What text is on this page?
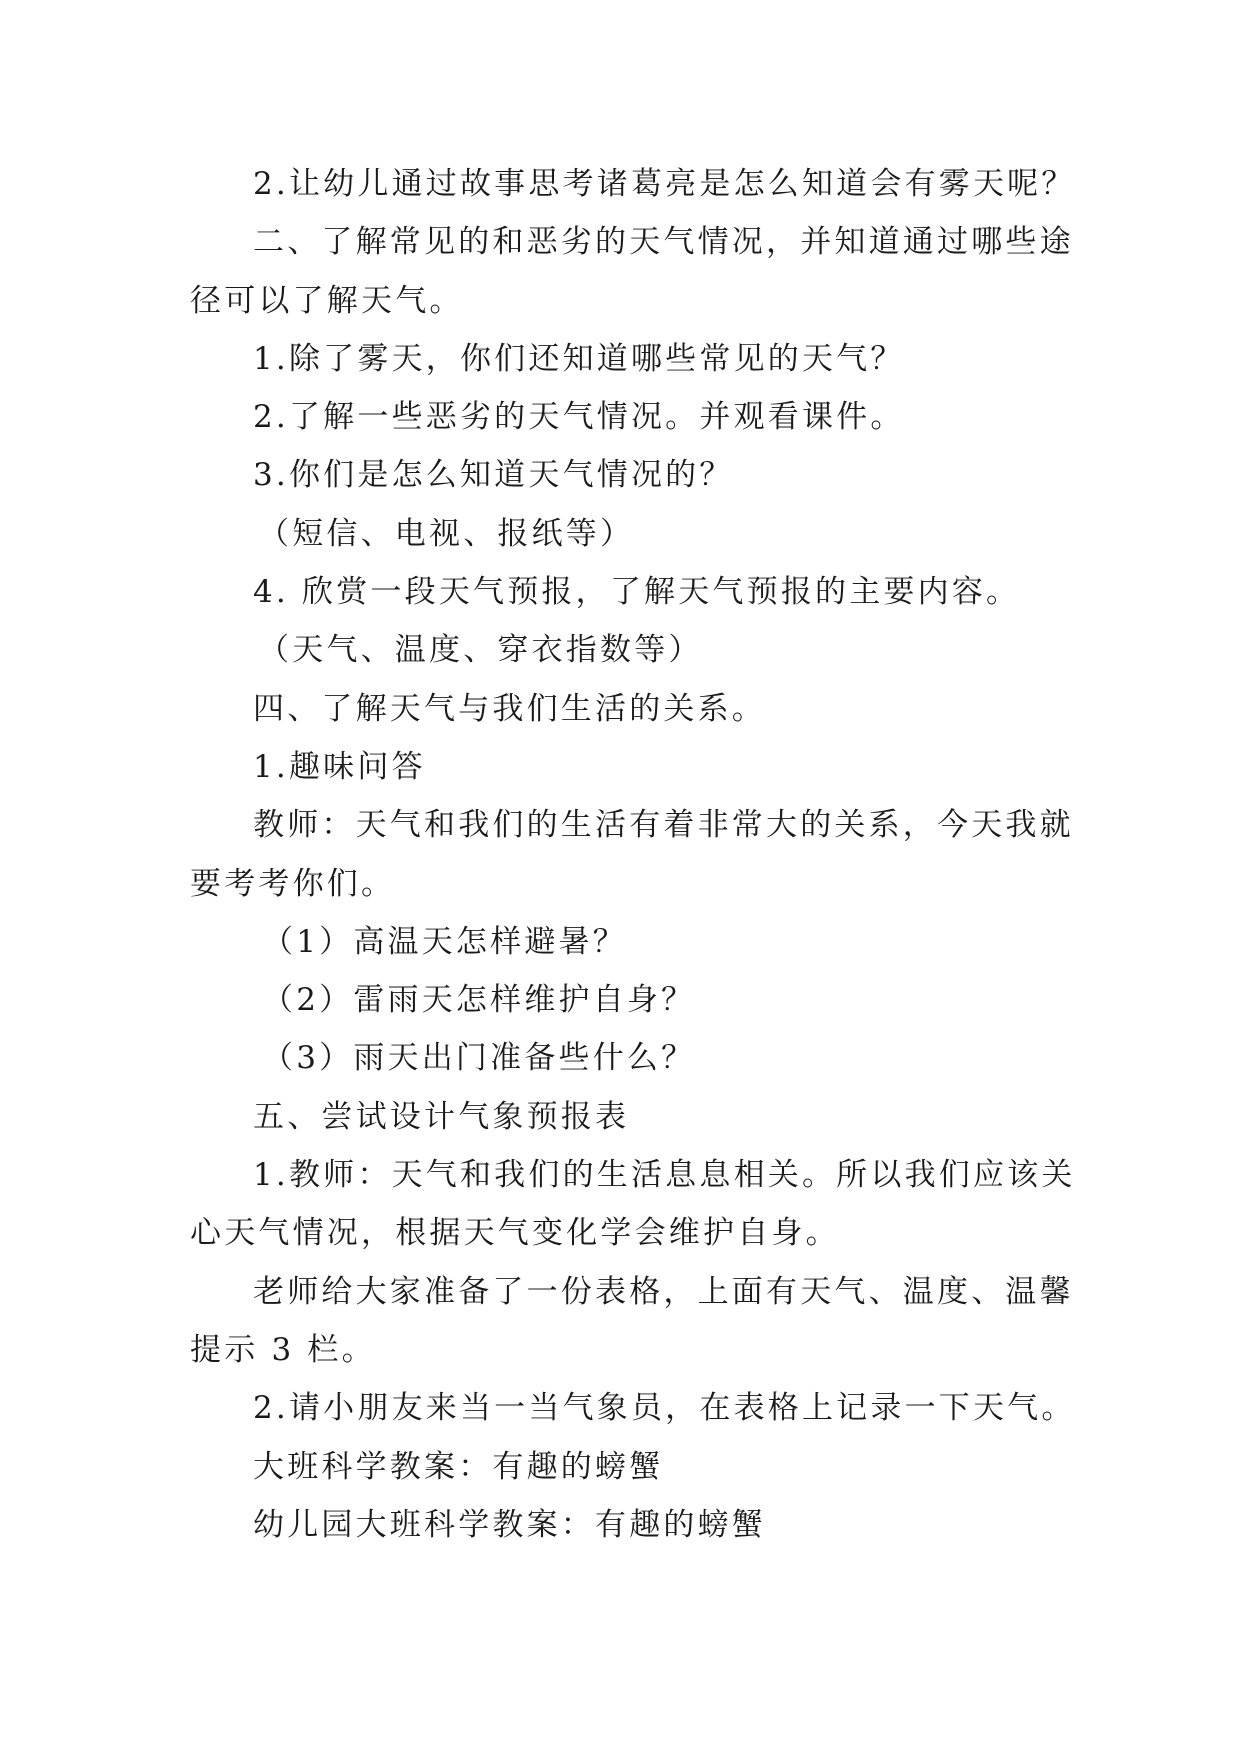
2.让幼儿通过故事思考诸葛亮是怎么知道会有雾天呢？
二、了解常见的和恶劣的天气情况，并知道通过哪些途
径可以了解天气。
1.除了雾天，你们还知道哪些常见的天气？
2.了解一些恶劣的天气情况。并观看课件。
3.你们是怎么知道天气情况的？
（短信、电视、报纸等）
4. 欣赏一段天气预报，了解天气预报的主要内容。
（天气、温度、穿衣指数等）
四、了解天气与我们生活的关系。
1.趣味问答
教师：天气和我们的生活有着非常大的关系，今天我就
要考考你们。
（1）高温天怎样避暑？
（2）雷雨天怎样维护自身？
（3）雨天出门准备些什么？
五、尝试设计气象预报表
1.教师：天气和我们的生活息息相关。所以我们应该关
心天气情况，根据天气变化学会维护自身。
老师给大家准备了一份表格，上面有天气、温度、温馨
提示 3 栏。
2.请小朋友来当一当气象员，在表格上记录一下天气。
大班科学教案：有趣的螃蟹
幼儿园大班科学教案：有趣的螃蟹
